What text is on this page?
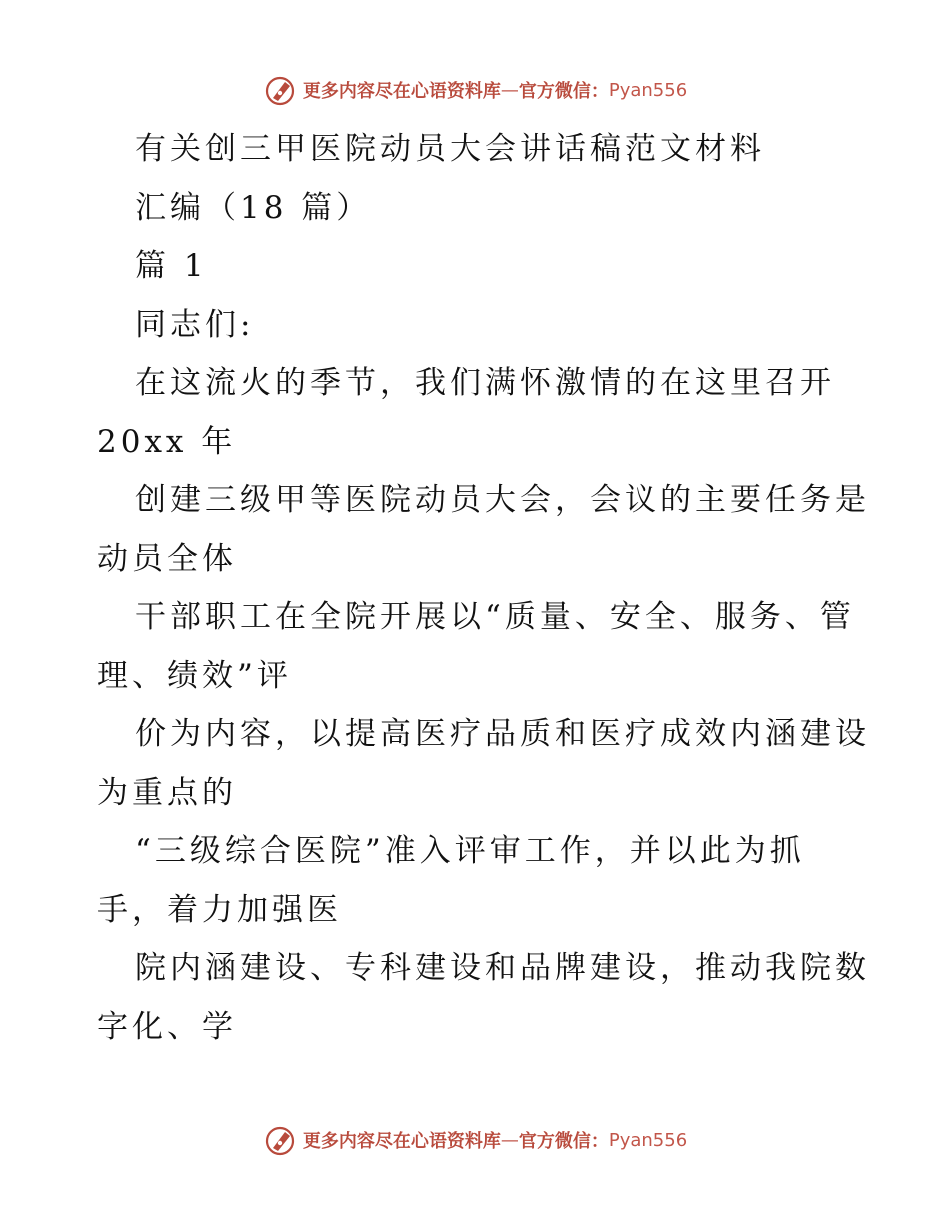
更多内容尽在心语资料库 — 官方微信： Pyan556
有关创三甲医院动员大会讲话稿范文材料
汇编（18 篇）
篇 1
同志们:
在这流火的季节，我们满怀激情的在这里召开
20xx 年
创建三级甲等医院动员大会，会议的主要任务是
动员全体
干部职工在全院开展以“质量、安全、服务、管
理、绩效”评
价为内容，以提高医疗品质和医疗成效内涵建设
为重点的
“三级综合医院”准入评审工作，并以此为抓
手，着力加强医
院内涵建设、专科建设和品牌建设，推动我院数
字化、学
更多内容尽在心语资料库 — 官方微信： Pyan556
